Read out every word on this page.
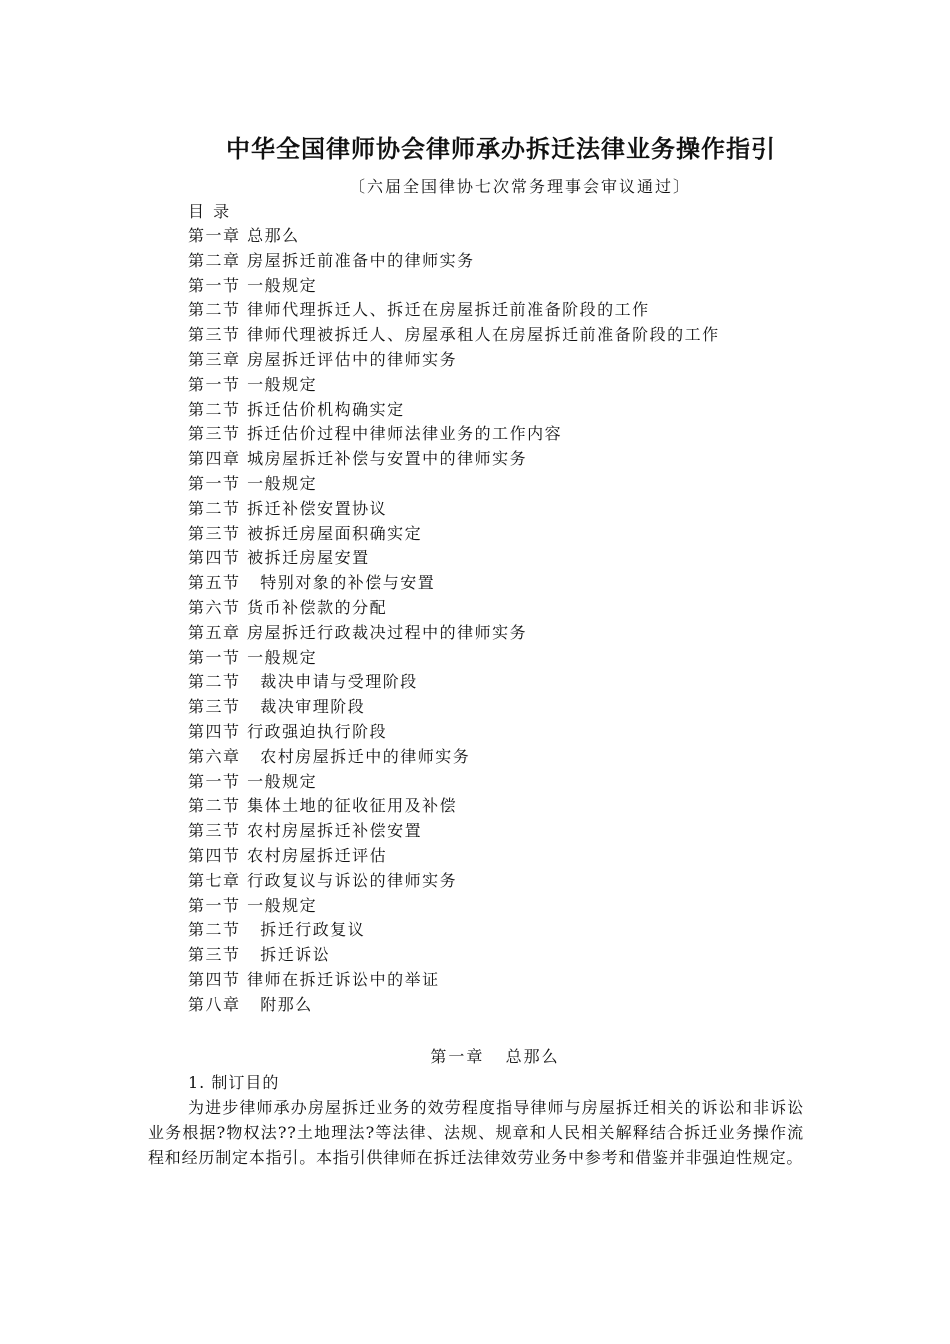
中华全国律师协会律师承办拆迁法律业务操作指引
〔六届全国律协七次常务理事会审议通过〕
目 录
第一章 总那么
第二章 房屋拆迁前准备中的律师实务
第一节 一般规定
第二节 律师代理拆迁人、拆迁在房屋拆迁前准备阶段的工作
第三节 律师代理被拆迁人、房屋承租人在房屋拆迁前准备阶段的工作
第三章 房屋拆迁评估中的律师实务
第一节 一般规定
第二节 拆迁估价机构确实定
第三节 拆迁估价过程中律师法律业务的工作内容
第四章 城房屋拆迁补偿与安置中的律师实务
第一节 一般规定
第二节 拆迁补偿安置协议
第三节 被拆迁房屋面积确实定
第四节 被拆迁房屋安置
第五节   特别对象的补偿与安置
第六节 货币补偿款的分配
第五章 房屋拆迁行政裁决过程中的律师实务
第一节 一般规定
第二节   裁决申请与受理阶段
第三节   裁决审理阶段
第四节 行政强迫执行阶段
第六章   农村房屋拆迁中的律师实务
第一节 一般规定
第二节 集体土地的征收征用及补偿
第三节 农村房屋拆迁补偿安置
第四节 农村房屋拆迁评估
第七章 行政复议与诉讼的律师实务
第一节 一般规定
第二节   拆迁行政复议
第三节   拆迁诉讼
第四节 律师在拆迁诉讼中的举证
第八章   附那么
第一章   总那么
1. 制订目的

为进步律师承办房屋拆迁业务的效劳程度指导律师与房屋拆迁相关的诉讼和非诉讼业务根据?物权法??土地理法?等法律、法规、规章和人民相关解释结合拆迁业务操作流程和经历制定本指引。本指引供律师在拆迁法律效劳业务中参考和借鉴并非强迫性规定。
